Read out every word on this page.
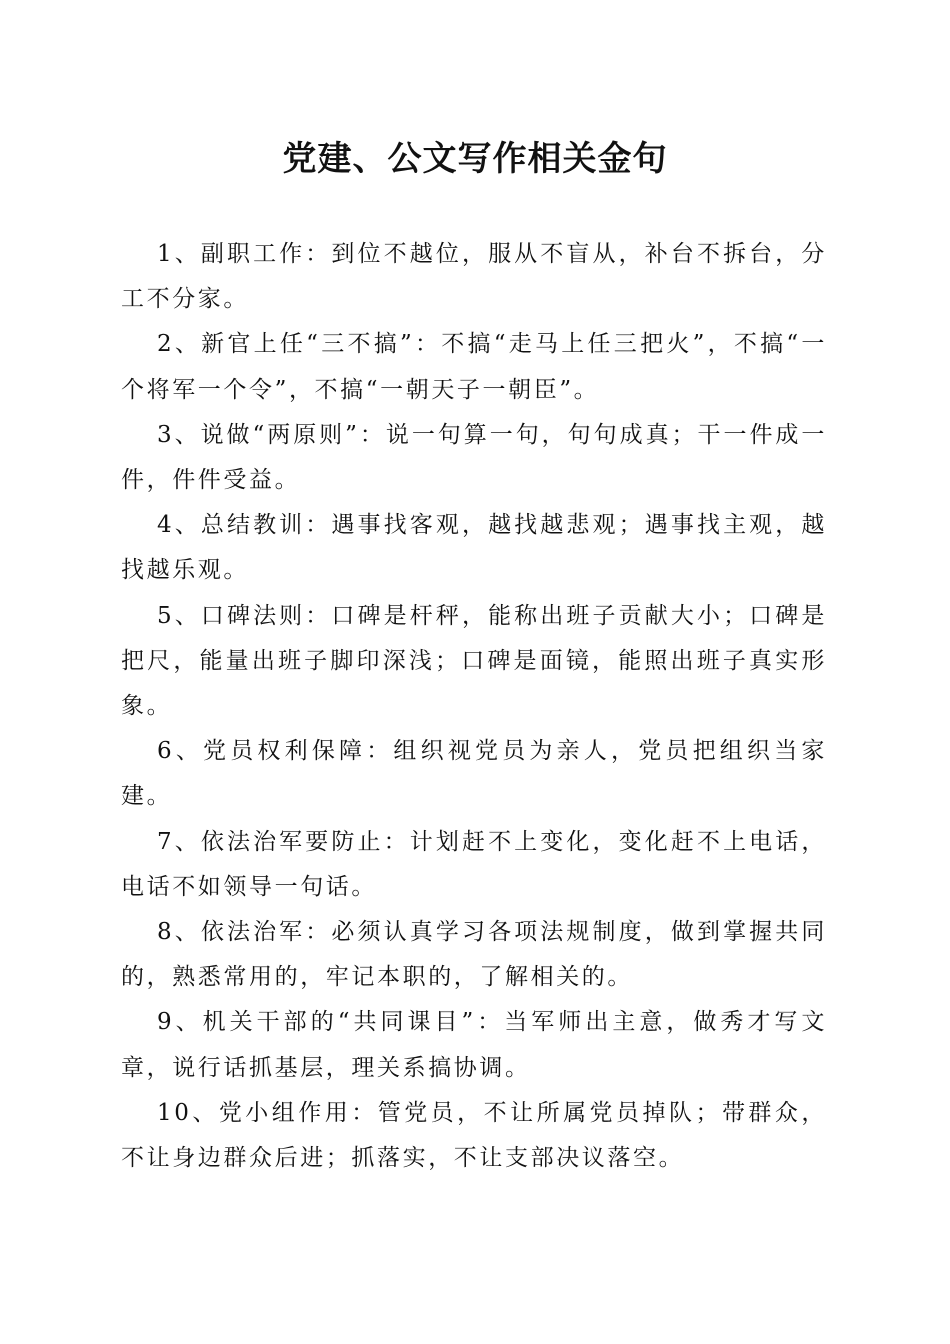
党建、公文写作相关金句

1、副职工作：到位不越位，服从不盲从，补台不拆台，分工不分家。

2、新官上任“三不搞”：不搞“走马上任三把火”，不搞“一个将军一个令”，不搞“一朝天子一朝臣”。

3、说做“两原则”：说一句算一句，句句成真；干一件成一件，件件受益。

4、总结教训：遇事找客观，越找越悲观；遇事找主观，越找越乐观。

5、口碑法则：口碑是杆秤，能称出班子贡献大小；口碑是把尺，能量出班子脚印深浅；口碑是面镜，能照出班子真实形象。

6、党员权利保障：组织视党员为亲人，党员把组织当家建。

7、依法治军要防止：计划赶不上变化，变化赶不上电话，电话不如领导一句话。

8、依法治军：必须认真学习各项法规制度，做到掌握共同的，熟悉常用的，牢记本职的，了解相关的。

9、机关干部的“共同课目”：当军师出主意，做秀才写文章，说行话抓基层，理关系搞协调。

10、党小组作用：管党员，不让所属党员掉队；带群众，不让身边群众后进；抓落实，不让支部决议落空。
